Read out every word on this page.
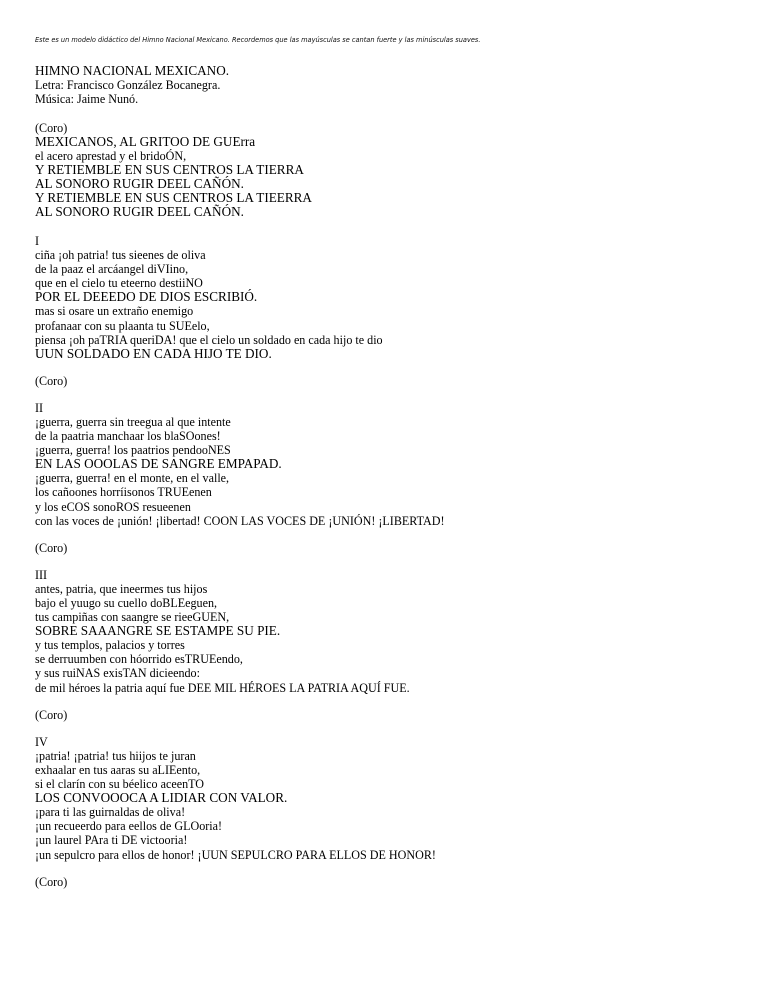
Este es un modelo didáctico del Himno Nacional Mexicano. Recordemos que las mayúsculas se cantan fuerte y las minúsculas suaves.
HIMNO NACIONAL MEXICANO.
Letra: Francisco González Bocanegra.
Música: Jaime Nunó.
(Coro)
MEXICANOS, AL GRITOO DE GUErra
el acero aprestad y el bridoÓN,
Y RETIEMBLE EN SUS CENTROS LA TIERRA
AL SONORO RUGIR DEEL CAÑÓN.
Y RETIEMBLE EN SUS CENTROS LA TIEERRA
AL SONORO RUGIR DEEL CAÑÓN.
I
ciña ¡oh patria! tus sieenes de oliva
de la paaz el arcáangel diVIino,
que en el cielo tu eteerno destiiNO
POR EL DEEEDO DE DIOS ESCRIBIÓ.
mas si osare un extraño enemigo
profanaar con su plaanta tu SUEelo,
piensa ¡oh paTRIA queriDA! que el cielo un soldado en cada hijo te dio
UUN SOLDADO EN CADA HIJO TE DIO.
(Coro)
II
¡guerra, guerra sin treegua al que intente
de la paatria manchaar los blaSOones!
¡guerra, guerra! los paatrios pendooNES
EN LAS OOOLAS DE SANGRE EMPAPAD.
¡guerra, guerra! en el monte, en el valle,
los cañoones horríisonos TRUEenen
y los eCOS sonoROS resueenen
con las voces de ¡unión! ¡libertad! COON LAS VOCES DE ¡UNIÓN! ¡LIBERTAD!
(Coro)
III
antes, patria, que ineermes tus hijos
bajo el yuugo su cuello doBLEeguen,
tus campiñas con saangre se rieeGUEN,
SOBRE SAAANGRE SE ESTAMPE SU PIE.
y tus templos, palacios y torres
se derruumben con hóorrido esTRUEendo,
y sus ruiNAS exisTAN dicieendo:
de mil héroes la patria aquí fue DEE MIL HÉROES LA PATRIA AQUÍ FUE.
(Coro)
IV
¡patria! ¡patria! tus hiijos te juran
exhaalar en tus aaras su aLIEento,
si el clarín con su béelico aceenTO
LOS CONVOOOCA A LIDIAR CON VALOR.
¡para ti las guirnaldas de oliva!
¡un recueerdo para eellos de GLOoria!
¡un laurel PAra ti DE victooria!
¡un sepulcro para ellos de honor! ¡UUN SEPULCRO PARA ELLOS DE HONOR!
(Coro)
